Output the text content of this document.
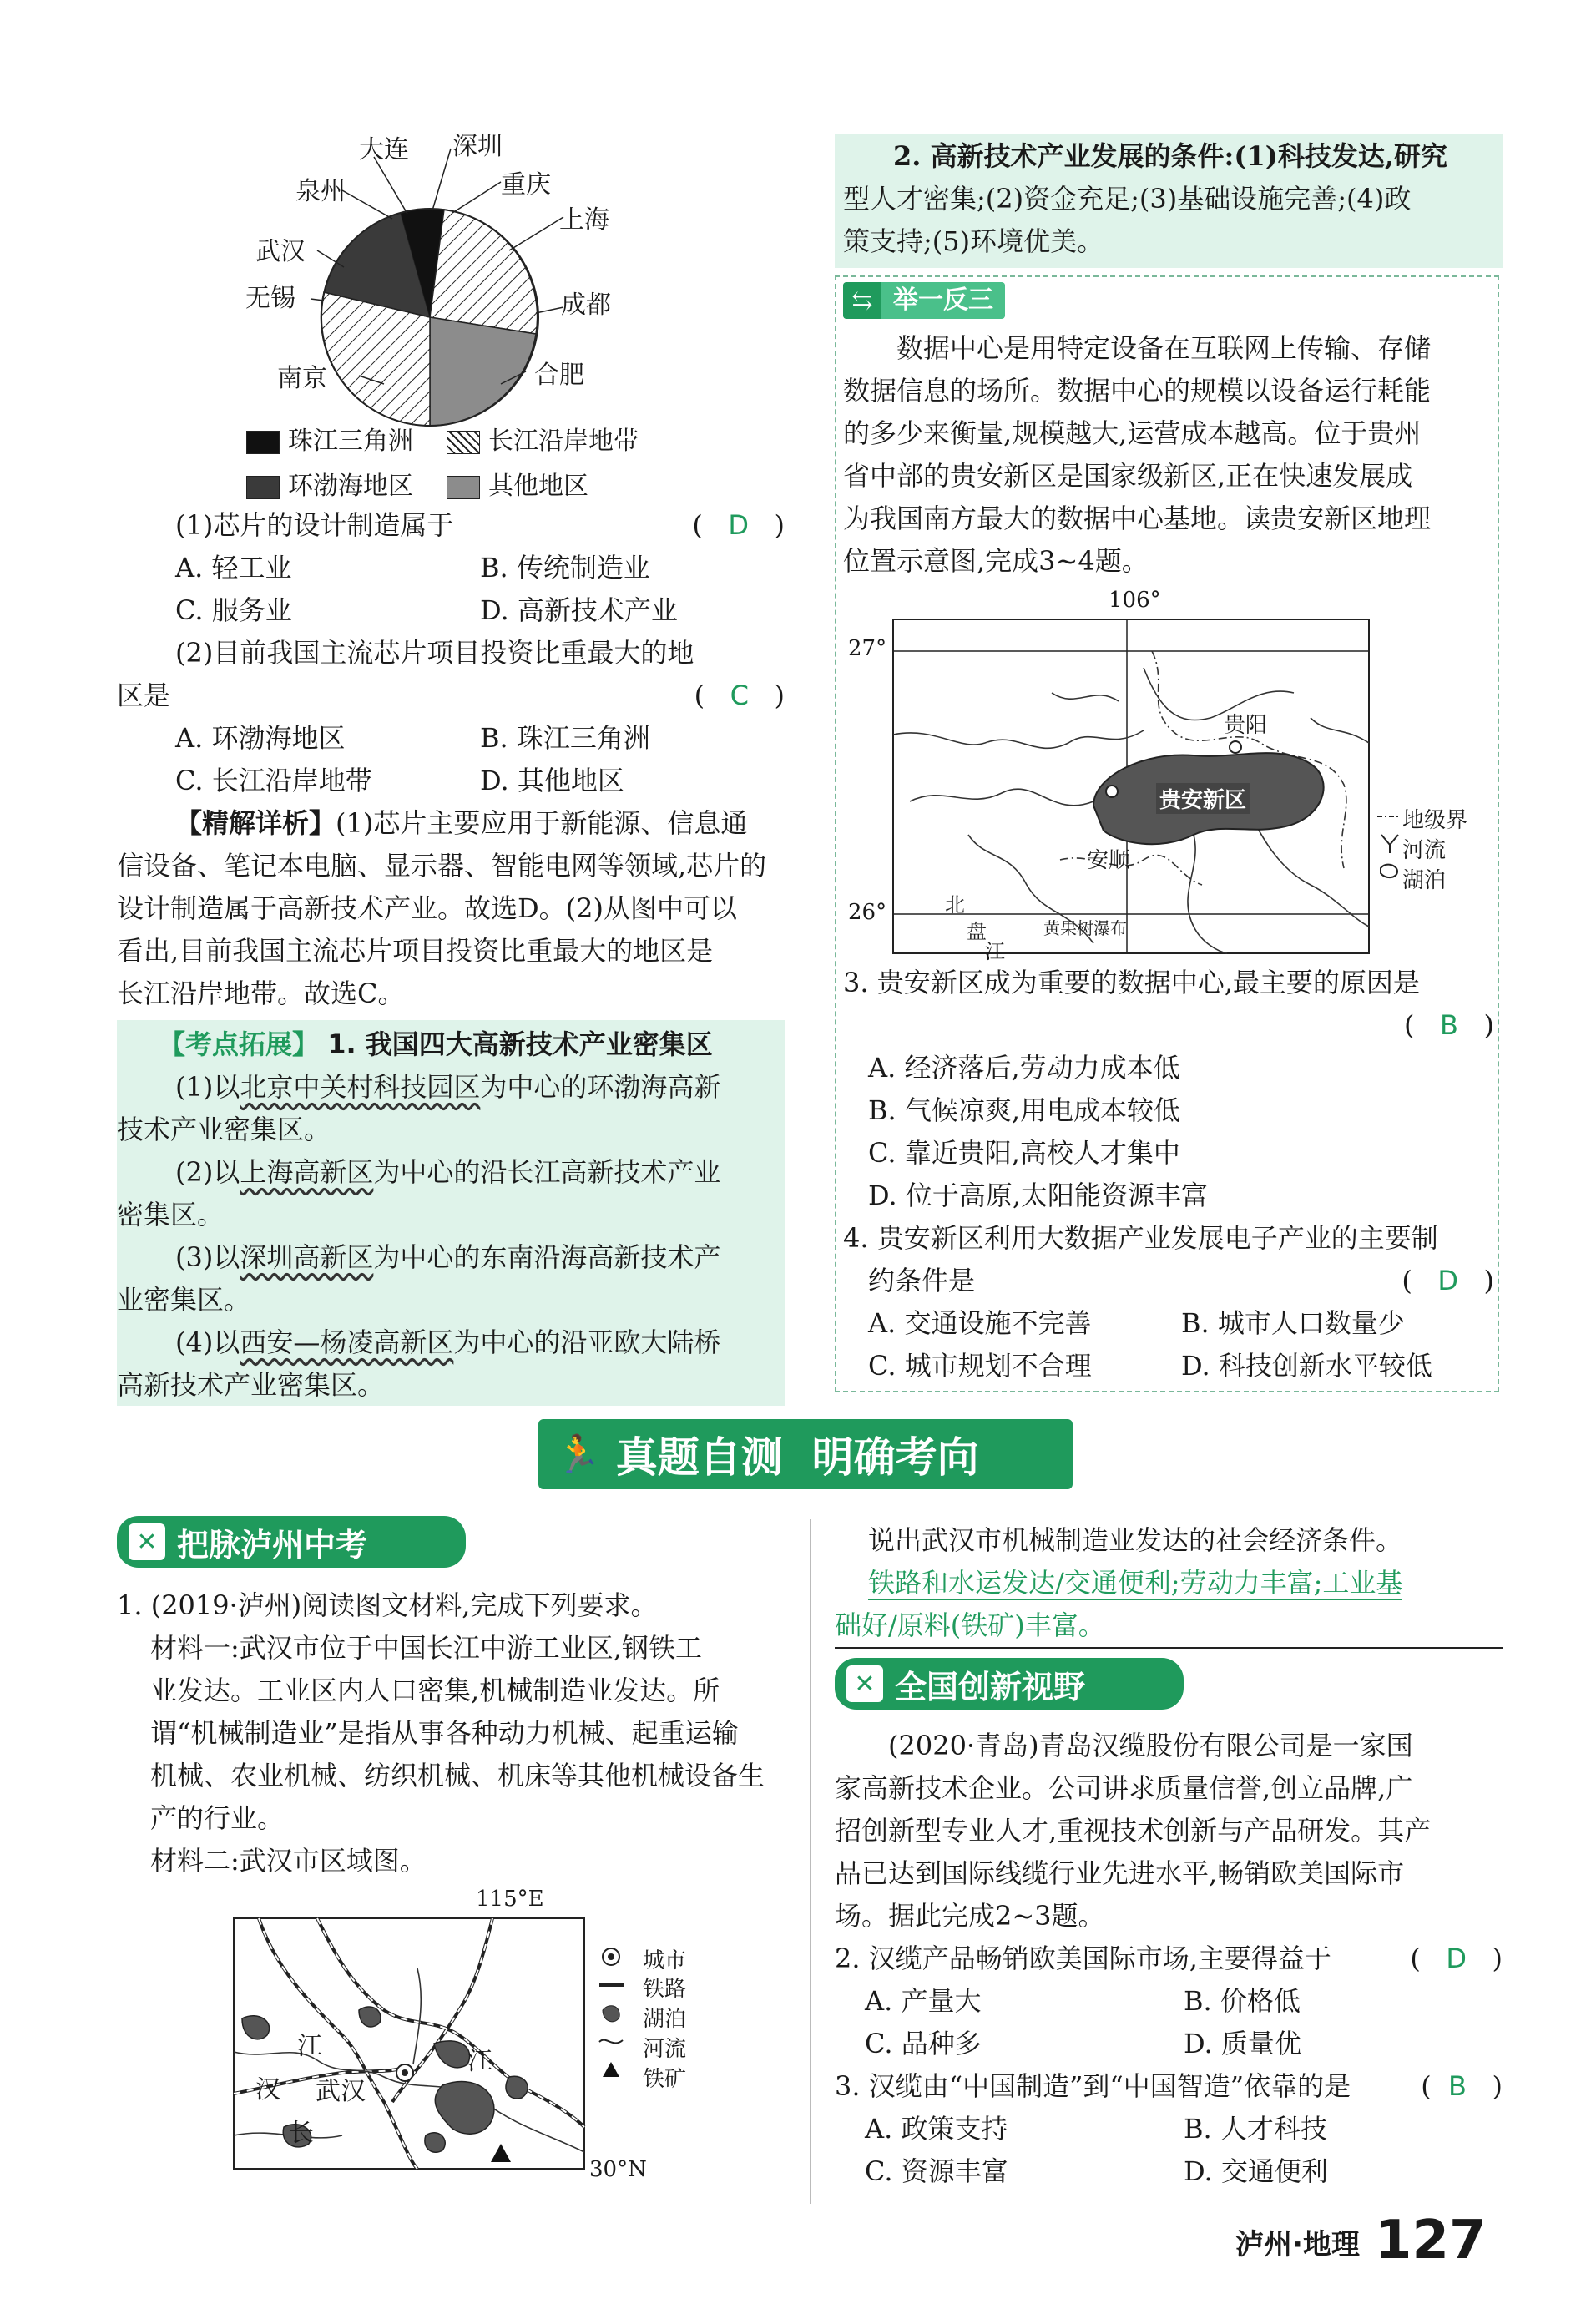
大连 深圳
泉州	重庆
上海
武汉
成都
无锡
南京	合肥
珠江三角洲	长江沿岸地带
环渤海地区	其他地区
(1)芯片的设计制造属于	(   D   )
A. 轻工业	B. 传统制造业
C. 服务业	D. 高新技术产业
(2)目前我国主流芯片项目投资比重最大的地
区是	(   C   )
A. 环渤海地区	B. 珠江三角洲
C. 长江沿岸地带	D. 其他地区
【精解详析】(1)芯片主要应用于新能源、信息通
信设备、笔记本电脑、显示器、智能电网等领域,芯片的
设计制造属于高新技术产业。故选D。(2)从图中可以
看出,目前我国主流芯片项目投资比重最大的地区是
长江沿岸地带。故选C。
【考点拓展】 1. 我国四大高新技术产业密集区
(1)以北京中关村科技园区为中心的环渤海高新
技术产业密集区。
(2)以上海高新区为中心的沿长江高新技术产业
密集区。
(3)以深圳高新区为中心的东南沿海高新技术产
业密集区。
(4)以西安—杨凌高新区为中心的沿亚欧大陆桥
高新技术产业密集区。
2. 高新技术产业发展的条件:(1)科技发达,研究
型人才密集;(2)资金充足;(3)基础设施完善;(4)政
策支持;(5)环境优美。
⇆ 举一反三
数据中心是用特定设备在互联网上传输、存储
数据信息的场所。数据中心的规模以设备运行耗能
的多少来衡量,规模越大,运营成本越高。位于贵州
省中部的贵安新区是国家级新区,正在快速发展成
为我国南方最大的数据中心基地。读贵安新区地理
位置示意图,完成3~4题。
106°
27°
26°
贵阳
贵安新区
安顺
北
盘
江
黄果树瀑布
地级界
河流
湖泊
3. 贵安新区成为重要的数据中心,最主要的原因是
(   B   )
A. 经济落后,劳动力成本低
B. 气候凉爽,用电成本较低
C. 靠近贵阳,高校人才集中
D. 位于高原,太阳能资源丰富
4. 贵安新区利用大数据产业发展电子产业的主要制
约条件是	(   D   )
A. 交通设施不完善	B. 城市人口数量少
C. 城市规划不合理	D. 科技创新水平较低
🏃 真题自测  明确考向
✕ 把脉泸州中考
1. (2019·泸州)阅读图文材料,完成下列要求。
材料一:武汉市位于中国长江中游工业区,钢铁工
业发达。工业区内人口密集,机械制造业发达。所
谓“机械制造业”是指从事各种动力机械、起重运输
机械、农业机械、纺织机械、机床等其他机械设备生
产的行业。
材料二:武汉市区域图。
115°E
30°N
武汉
江
汉
长
江
城市
铁路
湖泊
河流
铁矿
说出武汉市机械制造业发达的社会经济条件。
铁路和水运发达/交通便利;劳动力丰富;工业基
础好/原料(铁矿)丰富。
✕ 全国创新视野
(2020·青岛)青岛汉缆股份有限公司是一家国
家高新技术企业。公司讲求质量信誉,创立品牌,广
招创新型专业人才,重视技术创新与产品研发。其产
品已达到国际线缆行业先进水平,畅销欧美国际市
场。据此完成2~3题。
2. 汉缆产品畅销欧美国际市场,主要得益于	(   D   )
A. 产量大	B. 价格低
C. 品种多	D. 质量优
3. 汉缆由“中国制造”到“中国智造”依靠的是	(  B   )
A. 政策支持	B. 人才科技
C. 资源丰富	D. 交通便利
泸州·地理 127
